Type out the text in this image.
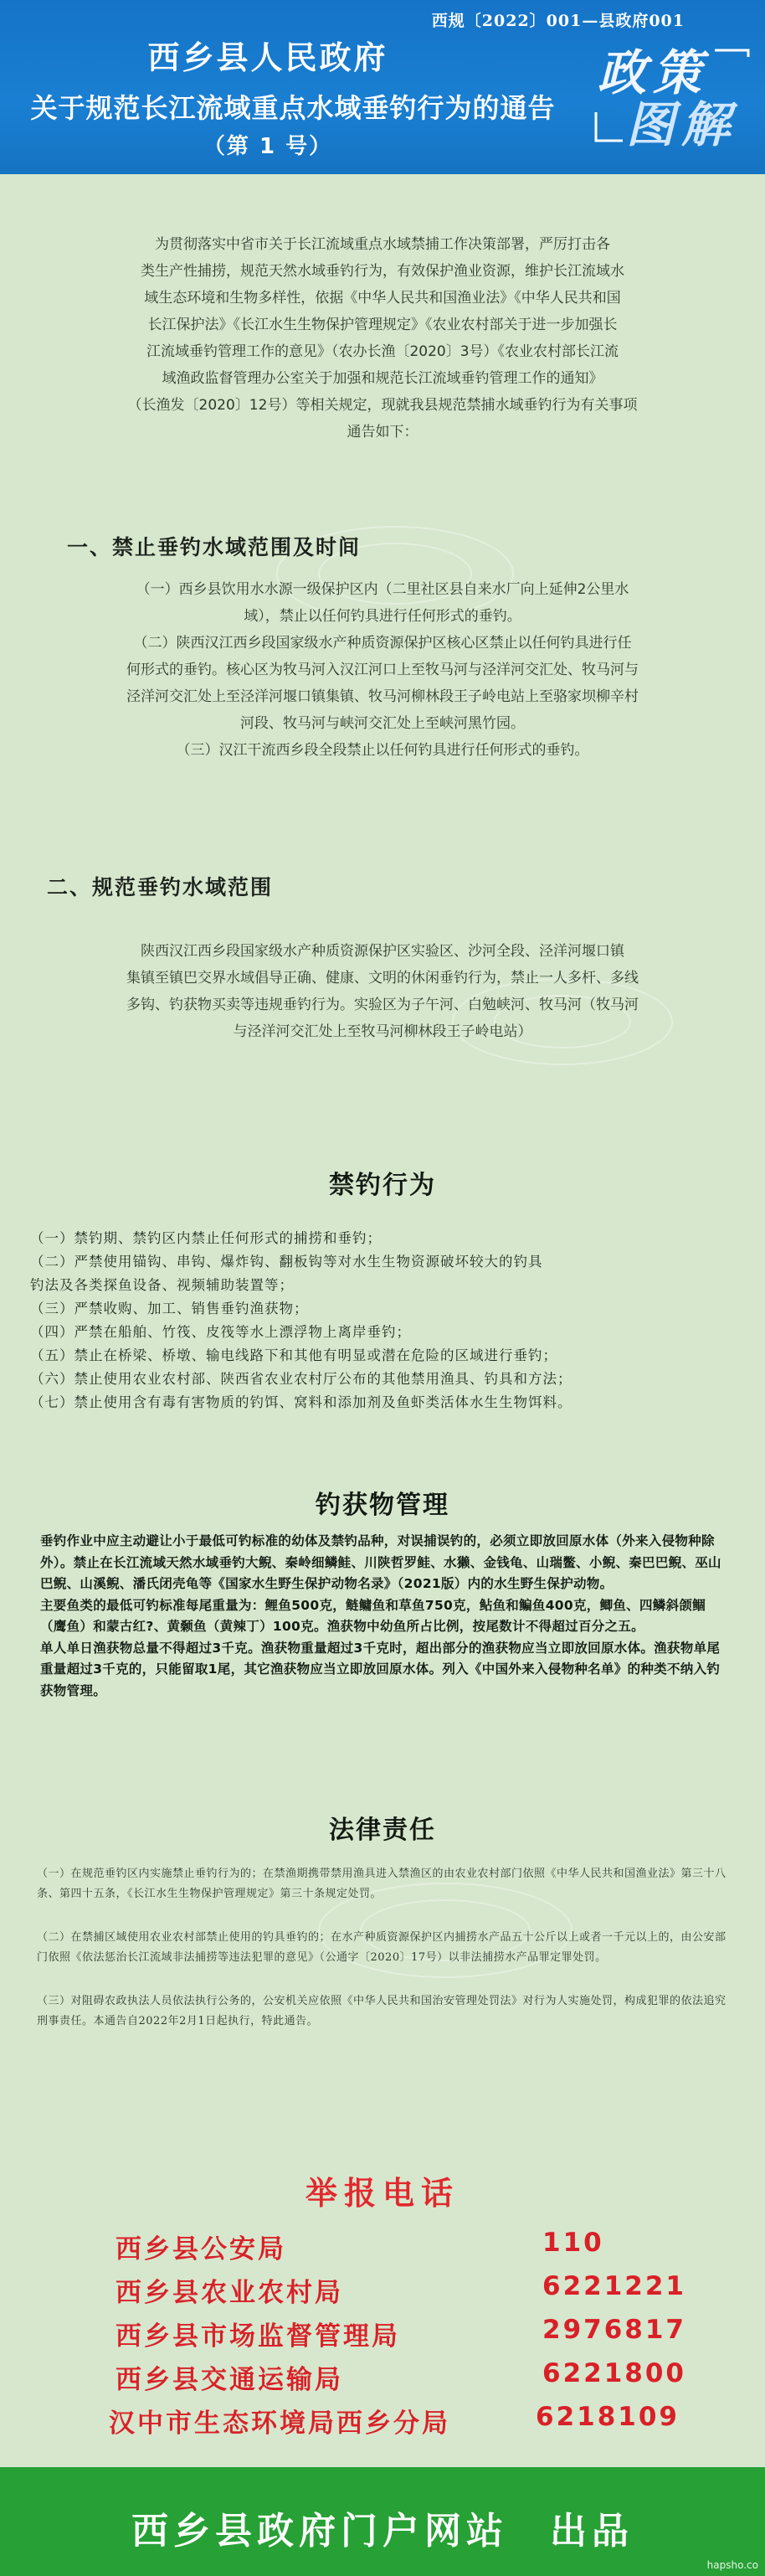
西规〔2022〕001—县政府001
西乡县人民政府
关于规范长江流域重点水域垂钓行为的通告
（第 1 号）
政策
图解
为贯彻落实中省市关于长江流域重点水域禁捕工作决策部署，严厉打击各
类生产性捕捞，规范天然水域垂钓行为，有效保护渔业资源，维护长江流域水
域生态环境和生物多样性，依据《中华人民共和国渔业法》《中华人民共和国
长江保护法》《长江水生生物保护管理规定》《农业农村部关于进一步加强长
江流域垂钓管理工作的意见》（农办长渔〔2020〕3号）《农业农村部长江流
域渔政监督管理办公室关于加强和规范长江流域垂钓管理工作的通知》
（长渔发〔2020〕12号）等相关规定，现就我县规范禁捕水域垂钓行为有关事项
通告如下：
一、禁止垂钓水域范围及时间
（一）西乡县饮用水水源一级保护区内（二里社区县自来水厂向上延伸2公里水
域），禁止以任何钓具进行任何形式的垂钓。
（二）陕西汉江西乡段国家级水产种质资源保护区核心区禁止以任何钓具进行任
何形式的垂钓。核心区为牧马河入汉江河口上至牧马河与泾洋河交汇处、牧马河与
泾洋河交汇处上至泾洋河堰口镇集镇、牧马河柳林段王子岭电站上至骆家坝柳辛村
河段、牧马河与峡河交汇处上至峡河黑竹园。
（三）汉江干流西乡段全段禁止以任何钓具进行任何形式的垂钓。
二、规范垂钓水域范围
陕西汉江西乡段国家级水产种质资源保护区实验区、沙河全段、泾洋河堰口镇
集镇至镇巴交界水域倡导正确、健康、文明的休闲垂钓行为，禁止一人多杆、多线
多钩、钓获物买卖等违规垂钓行为。实验区为子午河、白勉峡河、牧马河（牧马河
与泾洋河交汇处上至牧马河柳林段王子岭电站）
禁钓行为
（一）禁钓期、禁钓区内禁止任何形式的捕捞和垂钓；
（二）严禁使用锚钩、串钩、爆炸钩、翻板钩等对水生生物资源破坏较大的钓具
钓法及各类探鱼设备、视频辅助装置等；
（三）严禁收购、加工、销售垂钓渔获物；
（四）严禁在船舶、竹筏、皮筏等水上漂浮物上离岸垂钓；
（五）禁止在桥梁、桥墩、输电线路下和其他有明显或潜在危险的区域进行垂钓；
（六）禁止使用农业农村部、陕西省农业农村厅公布的其他禁用渔具、钓具和方法；
（七）禁止使用含有毒有害物质的钓饵、窝料和添加剂及鱼虾类活体水生生物饵料。
钓获物管理

垂钓作业中应主动避让小于最低可钓标准的幼体及禁钓品种，对误捕误钓的，必须立即放回原水体（外来入侵物种除外）。禁止在长江流域天然水域垂钓大鲵、秦岭细鳞鲑、川陕哲罗鲑、水獭、金钱龟、山瑞鳖、小鲵、秦巴巴鲵、巫山巴鲵、山溪鲵、潘氏闭壳龟等《国家水生野生保护动物名录》（2021版）内的水生野生保护动物。

主要鱼类的最低可钓标准每尾重量为：鲤鱼500克，鲢鳙鱼和草鱼750克，鲇鱼和鳊鱼400克，鲫鱼、四鳞斜颌鲴（鹰鱼）和蒙古红?、黄颡鱼（黄辣丁）100克。渔获物中幼鱼所占比例，按尾数计不得超过百分之五。

单人单日渔获物总量不得超过3千克。渔获物重量超过3千克时，超出部分的渔获物应当立即放回原水体。渔获物单尾重量超过3千克的，只能留取1尾，其它渔获物应当立即放回原水体。列入《中国外来入侵物种名单》的种类不纳入钓获物管理。

法律责任

（一）在规范垂钓区内实施禁止垂钓行为的；在禁渔期携带禁用渔具进入禁渔区的由农业农村部门依照《中华人民共和国渔业法》第三十八条、第四十五条，《长江水生生物保护管理规定》第三十条规定处罚。

（二）在禁捕区域使用农业农村部禁止使用的钓具垂钓的；在水产种质资源保护区内捕捞水产品五十公斤以上或者一千元以上的，由公安部门依照《依法惩治长江流域非法捕捞等违法犯罪的意见》（公通字〔2020〕17号）以非法捕捞水产品罪定罪处罚。

（三）对阻碍农政执法人员依法执行公务的，公安机关应依照《中华人民共和国治安管理处罚法》对行为人实施处罚，构成犯罪的依法追究刑事责任。本通告自2022年2月1日起执行，特此通告。

举报电话
西乡县公安局	110
西乡县农业农村局	6221221
西乡县市场监督管理局	2976817
西乡县交通运输局	6221800
汉中市生态环境局西乡分局	6218109
西乡县政府门户网站　出品
hapsho.co
